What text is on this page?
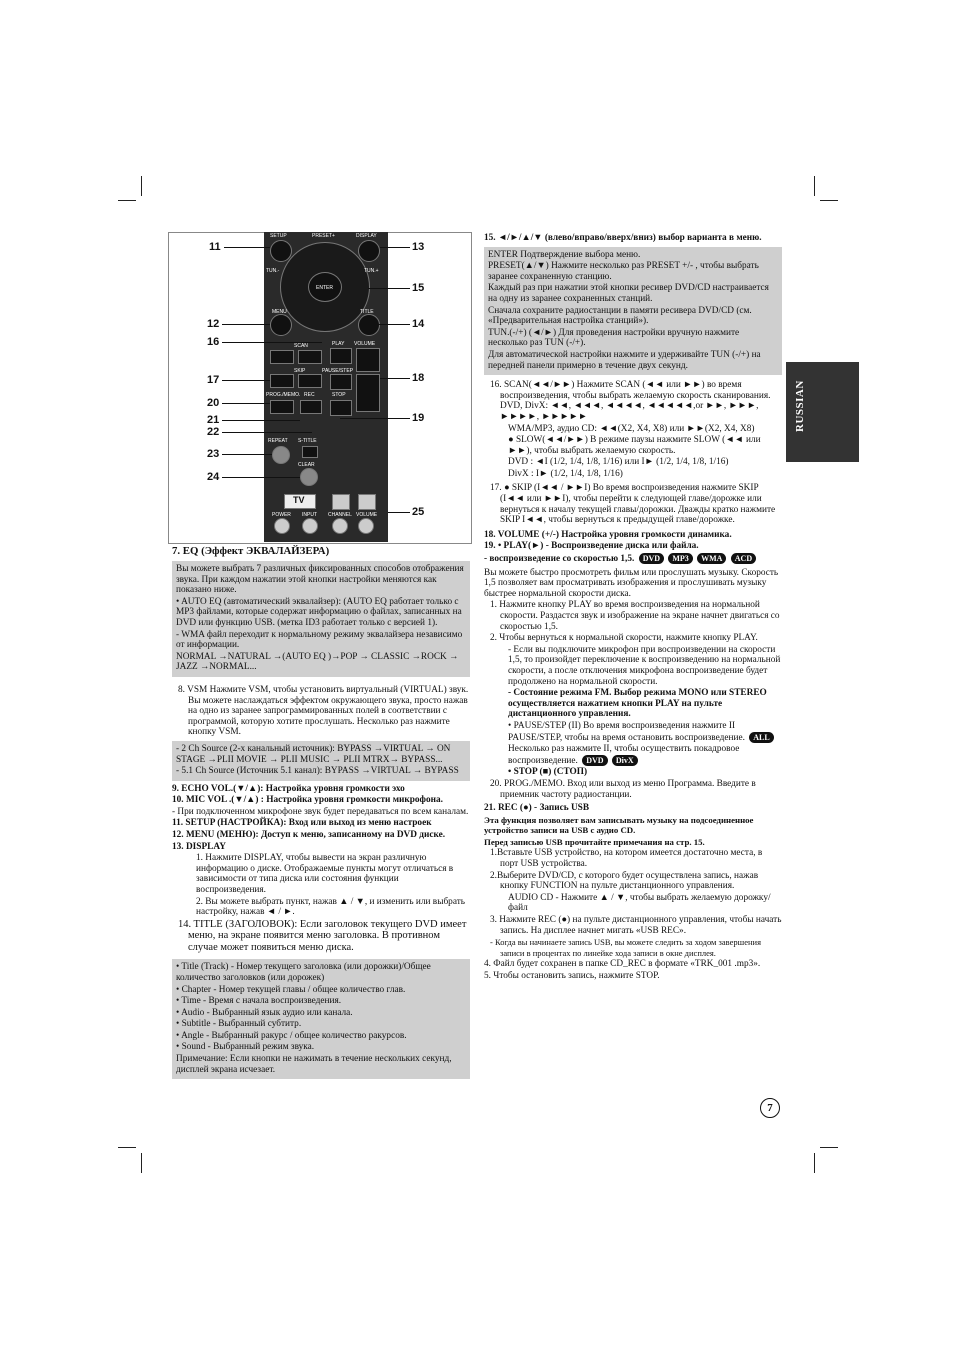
RUSSIAN
SETUP	PRESET+	DISPLAY
ENTER
TUN.-	TUN.+
MENU	TITLE
SCAN	PLAY VOLUME
SKIP	PAUSE/STEP
PROG./MEMO. REC	STOP
REPEAT S-TITLE
CLEAR
TV
POWER INPUT CHANNEL VOLUME
11	13
15
12	14
16
17	18
20
21
22
19
23
24
25

7. EQ (Эффект ЭКВАЛАЙЗЕРА)

Вы можете выбрать 7 различных фиксированных способов отображения звука. При каждом нажатии этой кнопки настройки меняются как показано ниже.

• AUTO EQ (автоматический эквалайзер): (AUTO EQ работает только с MP3 файлами, которые содержат информацию о файлах, записанных на DVD или функцию USB. (метка ID3 работает только с версией 1).

- WMA файл переходит к нормальному режиму эквалайзера независимо от информации.

NORMAL →NATURAL →(AUTO EQ )→POP → CLASSIC →ROCK → JAZZ →NORMAL...

8. VSM Нажмите VSM, чтобы установить виртуальный (VIRTUAL) звук. Вы можете наслаждаться эффектом окружающего звука, просто нажав на одно из заранее запрограммированных полей в соответствии с программой, которую хотите прослушать. Несколько раз нажмите кнопку VSM.

- 2 Ch Source (2-х канальный источник): BYPASS →VIRTUAL → ON STAGE →PLII MOVIE → PLII MUSIC → PLII MTRX→ BYPASS...

- 5.1 Ch Source (Источник 5.1 канал): BYPASS →VIRTUAL → BYPASS

9. ECHO VOL.(▼/▲): Настройка уровня громкости эхо

10. MIC VOL .(▼/▲) : Настройка уровня громкости микрофона.

- При подключенном микрофоне звук будет передаваться по всем каналам.

11. SETUP (НАСТРОЙКА): Вход или выход из меню настроек

12. MENU (МЕНЮ): Доступ к меню, записанному на DVD диске.

13. DISPLAY

1. Нажмите DISPLAY, чтобы вывести на экран различную информацию о диске. Отображаемые пункты могут отличаться в зависимости от типа диска или состояния функции воспроизведения.

2. Вы можете выбрать пункт, нажав ▲ / ▼, и изменить или выбрать настройку, нажав ◄ / ►.

14. TITLE (ЗАГОЛОВОК): Если заголовок текущего DVD имеет меню, на экране появится меню заголовка. В противном случае может появиться меню диска.

• Title (Track) - Номер текущего заголовка (или дорожки)/Общее количество заголовков (или дорожек)

• Chapter - Номер текущей главы / общее количество глав.

• Time - Время с начала воспроизведения.

• Audio - Выбранный язык аудио или канала.

• Subtitle - Выбранный субтитр.

• Angle - Выбранный ракурс / общее количество ракурсов.

• Sound - Выбранный режим звука.

Примечание: Если кнопки не нажимать в течение нескольких секунд, дисплей экрана исчезает.

15. ◄/►/▲/▼ (влево/вправо/вверх/вниз) выбор варианта в меню.

ENTER Подтверждение выбора меню.

PRESET(▲/▼) Нажмите несколько раз PRESET +/- , чтобы выбрать заранее сохраненную станцию.

Каждый раз при нажатии этой кнопки ресивер DVD/CD настраивается на одну из заранее сохраненных станций.

Сначала сохраните радиостанции в памяти ресивера DVD/CD (см. «Предварительная настройка станций»).

TUN.(-/+) (◄/►) Для проведения настройки вручную нажмите несколько раз TUN (-/+).

Для автоматической настройки нажмите и удерживайте TUN (-/+) на передней панели примерно в течение двух секунд.

16. SCAN(◄◄/►►) Нажмите SCAN (◄◄ или ►►) во время воспроизведения, чтобы выбрать желаемую скорость сканирования. DVD, DivX: ◄◄, ◄◄◄, ◄◄◄◄, ◄◄◄◄◄,or ►►, ►►►, ►►►►, ►►►►►

WMA/MP3, аудио CD: ◄◄(X2, X4, X8) или ►►(X2, X4, X8)

● SLOW(◄◄/►►) В режиме паузы нажмите SLOW (◄◄ или ►►), чтобы выбрать желаемую скорость.

DVD : ◄I (1/2, 1/4, 1/8, 1/16) или I► (1/2, 1/4, 1/8, 1/16)

DivX : I► (1/2, 1/4, 1/8, 1/16)

17. ● SKIP (I◄◄ / ►►I) Во время воспроизведения нажмите SKIP (I◄◄ или ►►I), чтобы перейти к следующей главе/дорожке или вернуться к началу текущей главы/дорожки. Дважды кратко нажмите SKIP I◄◄, чтобы вернуться к предыдущей главе/дорожке.

18. VOLUME (+/-) Настройка уровня громкости динамика.

19. • PLAY(►) - Воспроизведение диска или файла.

- воспроизведение со скоростью 1,5. DVD MP3 WMA ACD

Вы можете быстро просмотреть фильм или прослушать музыку. Скорость 1,5 позволяет вам просматривать изображения и прослушивать музыку быстрее нормальной скорости диска.

1. Нажмите кнопку PLAY во время воспроизведения на нормальной скорости. Раздастся звук и изображение на экране начнет двигаться со скоростью 1,5.

2. Чтобы вернуться к нормальной скорости, нажмите кнопку PLAY.

- Если вы подключите микрофон при воспроизведении на скорости 1,5, то произойдет переключение к воспроизведению на нормальной скорости, а после отключения микрофона воспроизведение будет продолжено на нормальной скорости.

- Состояние режима FM. Выбор режима MONO или STEREO осуществляется нажатием кнопки PLAY на пульте дистанционного управления.

• PAUSE/STEP (II) Во время воспроизведения нажмите II PAUSE/STEP, чтобы на время остановить воспроизведение. ALL

Несколько раз нажмите II, чтобы осуществить покадровое воспроизведение. DVD DivX

• STOP (■) (СТОП)

20. PROG./MEMO. Вход или выход из меню Программа. Введите в приемник частоту радиостанции.

21. REC (●) - Запись USB

Эта функция позволяет вам записывать музыку на подсоединенное устройство записи на USB с аудио CD.

Перед записью USB прочитайте примечания на стр. 15.

1.Вставьте USB устройство, на котором имеется достаточно места, в порт USB устройства.

2.Выберите DVD/CD, с которого будет осуществлена запись, нажав кнопку FUNCTION на пульте дистанционного управления.

AUDIO CD - Нажмите ▲ / ▼, чтобы выбрать желаемую дорожку/файл

3. Нажмите REC (●) на пульте дистанционного управления, чтобы начать запись. На дисплее начнет мигать «USB REC».

- Когда вы начинаете запись USB, вы можете следить за ходом завершения записи в процентах по линейке хода записи в окне дисплея.

4. Файл будет сохранен в папке CD_REC в формате «TRK_001 .mp3».

5. Чтобы остановить запись, нажмите STOP.

7
